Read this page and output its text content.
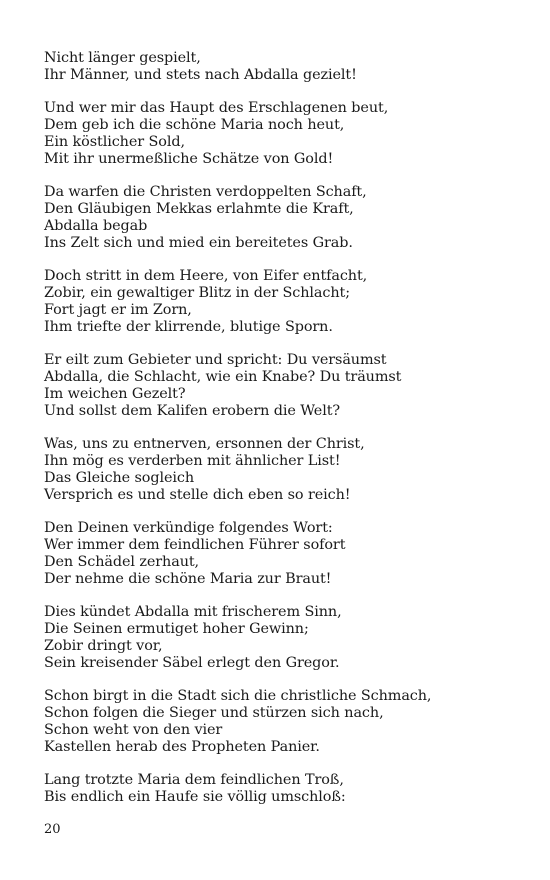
Nicht länger gespielt,
Ihr Männer, und stets nach Abdalla gezielt!
Und wer mir das Haupt des Erschlagenen beut,
Dem geb ich die schöne Maria noch heut,
Ein köstlicher Sold,
Mit ihr unermeßliche Schätze von Gold!
Da warfen die Christen verdoppelten Schaft,
Den Gläubigen Mekkas erlahmte die Kraft,
Abdalla begab
Ins Zelt sich und mied ein bereitetes Grab.
Doch stritt in dem Heere, von Eifer entfacht,
Zobir, ein gewaltiger Blitz in der Schlacht;
Fort jagt er im Zorn,
Ihm triefte der klirrende, blutige Sporn.
Er eilt zum Gebieter und spricht: Du versäumst
Abdalla, die Schlacht, wie ein Knabe? Du träumst
Im weichen Gezelt?
Und sollst dem Kalifen erobern die Welt?
Was, uns zu entnerven, ersonnen der Christ,
Ihn mög es verderben mit ähnlicher List!
Das Gleiche sogleich
Versprich es und stelle dich eben so reich!
Den Deinen verkündige folgendes Wort:
Wer immer dem feindlichen Führer sofort
Den Schädel zerhaut,
Der nehme die schöne Maria zur Braut!
Dies kündet Abdalla mit frischerem Sinn,
Die Seinen ermutiget hoher Gewinn;
Zobir dringt vor,
Sein kreisender Säbel erlegt den Gregor.
Schon birgt in die Stadt sich die christliche Schmach,
Schon folgen die Sieger und stürzen sich nach,
Schon weht von den vier
Kastellen herab des Propheten Panier.
Lang trotzte Maria dem feindlichen Troß,
Bis endlich ein Haufe sie völlig umschloß:
20
